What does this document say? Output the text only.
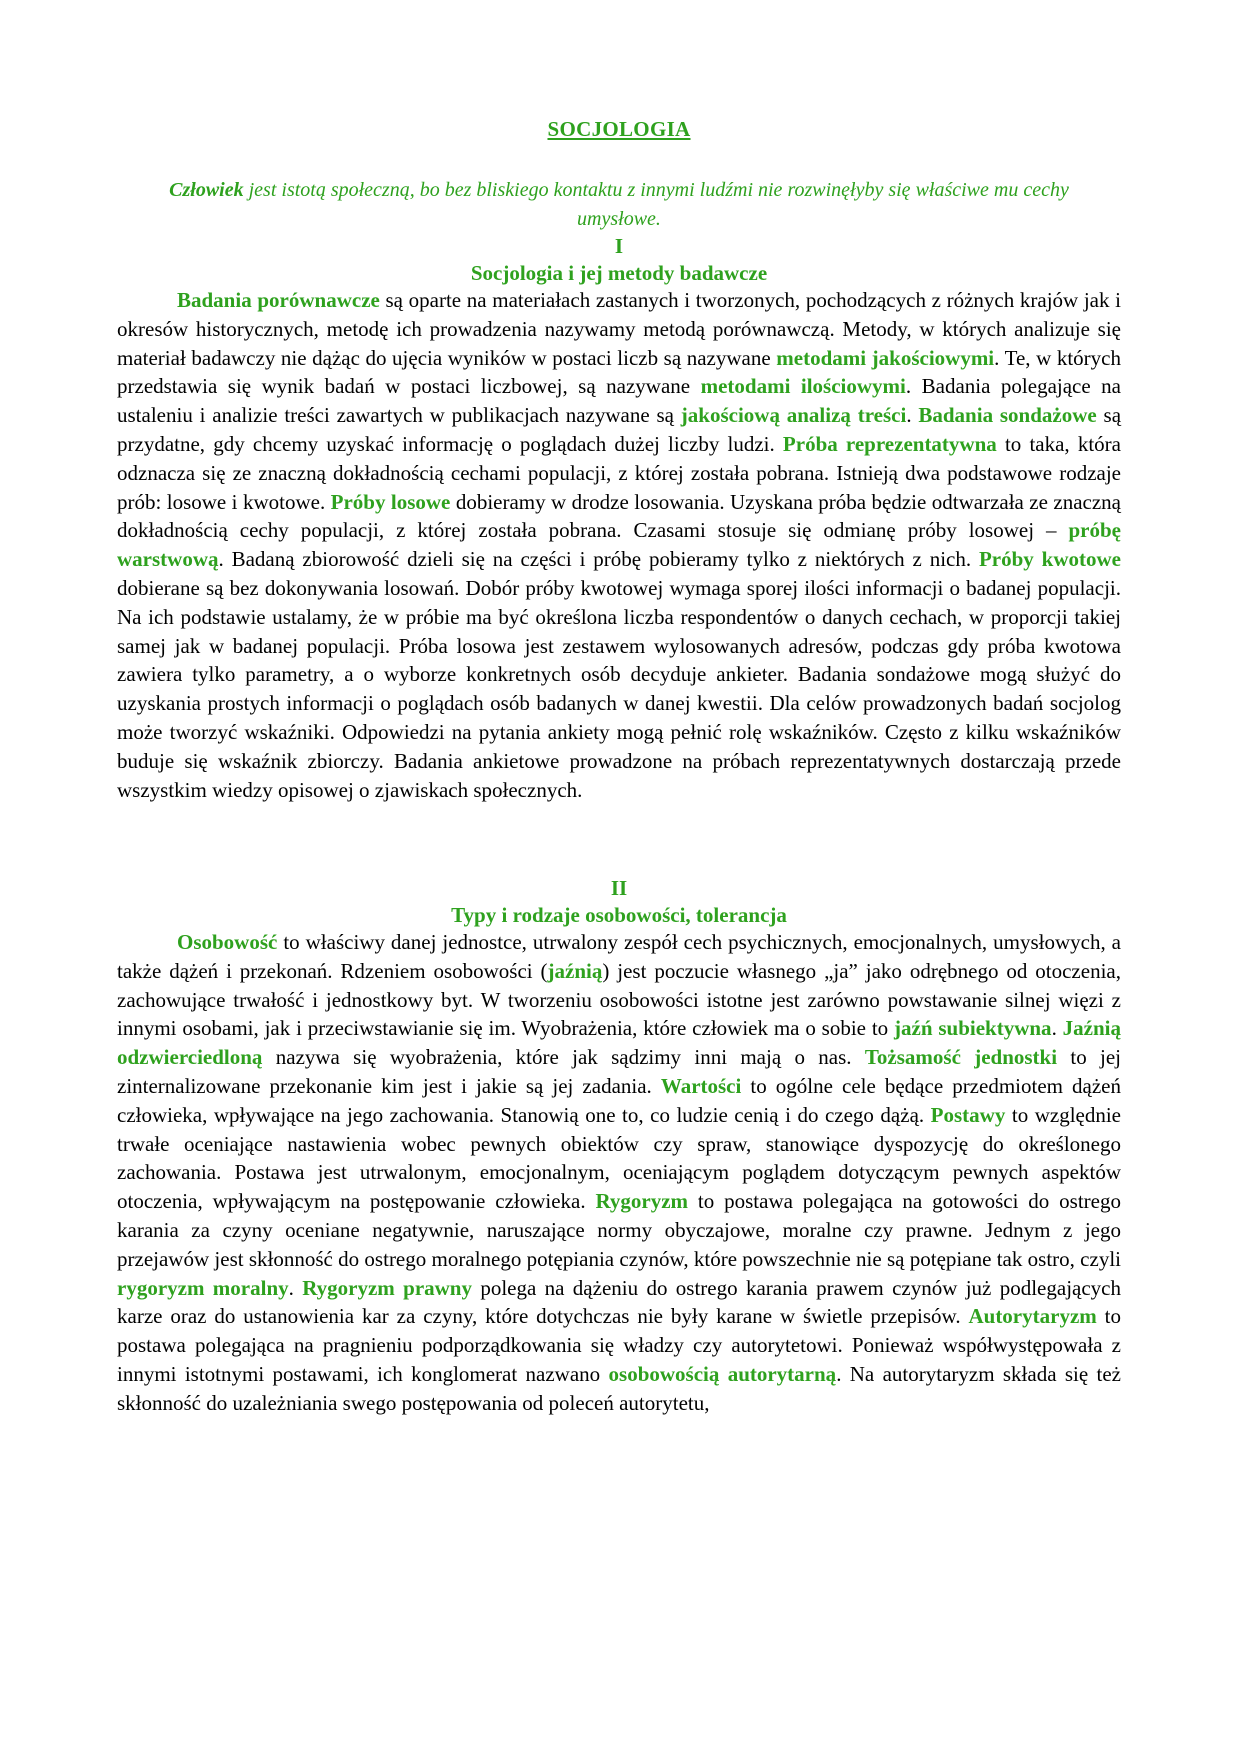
SOCJOLOGIA
Człowiek jest istotą społeczną, bo bez bliskiego kontaktu z innymi ludźmi nie rozwinęłyby się właściwe mu cechy umysłowe.
I
Socjologia i jej metody badawcze

Badania porównawcze są oparte na materiałach zastanych i tworzonych, pochodzących z różnych krajów jak i okresów historycznych, metodę ich prowadzenia nazywamy metodą porównawczą. Metody, w których analizuje się materiał badawczy nie dążąc do ujęcia wyników w postaci liczb są nazywane metodami jakościowymi. Te, w których przedstawia się wynik badań w postaci liczbowej, są nazywane metodami ilościowymi. Badania polegające na ustaleniu i analizie treści zawartych w publikacjach nazywane są jakościową analizą treści. Badania sondażowe są przydatne, gdy chcemy uzyskać informację o poglądach dużej liczby ludzi. Próba reprezentatywna to taka, która odznacza się ze znaczną dokładnością cechami populacji, z której została pobrana. Istnieją dwa podstawowe rodzaje prób: losowe i kwotowe. Próby losowe dobieramy w drodze losowania. Uzyskana próba będzie odtwarzała ze znaczną dokładnością cechy populacji, z której została pobrana. Czasami stosuje się odmianę próby losowej – próbę warstwową. Badaną zbiorowość dzieli się na części i próbę pobieramy tylko z niektórych z nich. Próby kwotowe dobierane są bez dokonywania losowań. Dobór próby kwotowej wymaga sporej ilości informacji o badanej populacji. Na ich podstawie ustalamy, że w próbie ma być określona liczba respondentów o danych cechach, w proporcji takiej samej jak w badanej populacji. Próba losowa jest zestawem wylosowanych adresów, podczas gdy próba kwotowa zawiera tylko parametry, a o wyborze konkretnych osób decyduje ankieter. Badania sondażowe mogą służyć do uzyskania prostych informacji o poglądach osób badanych w danej kwestii. Dla celów prowadzonych badań socjolog może tworzyć wskaźniki. Odpowiedzi na pytania ankiety mogą pełnić rolę wskaźników. Często z kilku wskaźników buduje się wskaźnik zbiorczy. Badania ankietowe prowadzone na próbach reprezentatywnych dostarczają przede wszystkim wiedzy opisowej o zjawiskach społecznych.

II
Typy i rodzaje osobowości, tolerancja

Osobowość to właściwy danej jednostce, utrwalony zespół cech psychicznych, emocjonalnych, umysłowych, a także dążeń i przekonań. Rdzeniem osobowości (jaźnią) jest poczucie własnego „ja” jako odrębnego od otoczenia, zachowujące trwałość i jednostkowy byt. W tworzeniu osobowości istotne jest zarówno powstawanie silnej więzi z innymi osobami, jak i przeciwstawianie się im. Wyobrażenia, które człowiek ma o sobie to jaźń subiektywna. Jaźnią odzwierciedloną nazywa się wyobrażenia, które jak sądzimy inni mają o nas. Tożsamość jednostki to jej zinternalizowane przekonanie kim jest i jakie są jej zadania. Wartości to ogólne cele będące przedmiotem dążeń człowieka, wpływające na jego zachowania. Stanowią one to, co ludzie cenią i do czego dążą. Postawy to względnie trwałe oceniające nastawienia wobec pewnych obiektów czy spraw, stanowiące dyspozycję do określonego zachowania. Postawa jest utrwalonym, emocjonalnym, oceniającym poglądem dotyczącym pewnych aspektów otoczenia, wpływającym na postępowanie człowieka. Rygoryzm to postawa polegająca na gotowości do ostrego karania za czyny oceniane negatywnie, naruszające normy obyczajowe, moralne czy prawne. Jednym z jego przejawów jest skłonność do ostrego moralnego potępiania czynów, które powszechnie nie są potępiane tak ostro, czyli rygoryzm moralny. Rygoryzm prawny polega na dążeniu do ostrego karania prawem czynów już podlegających karze oraz do ustanowienia kar za czyny, które dotychczas nie były karane w świetle przepisów. Autorytaryzm to postawa polegająca na pragnieniu podporządkowania się władzy czy autorytetowi. Ponieważ współwystępowała z innymi istotnymi postawami, ich konglomerat nazwano osobowością autorytarną. Na autorytaryzm składa się też skłonność do uzależniania swego postępowania od poleceń autorytetu,
